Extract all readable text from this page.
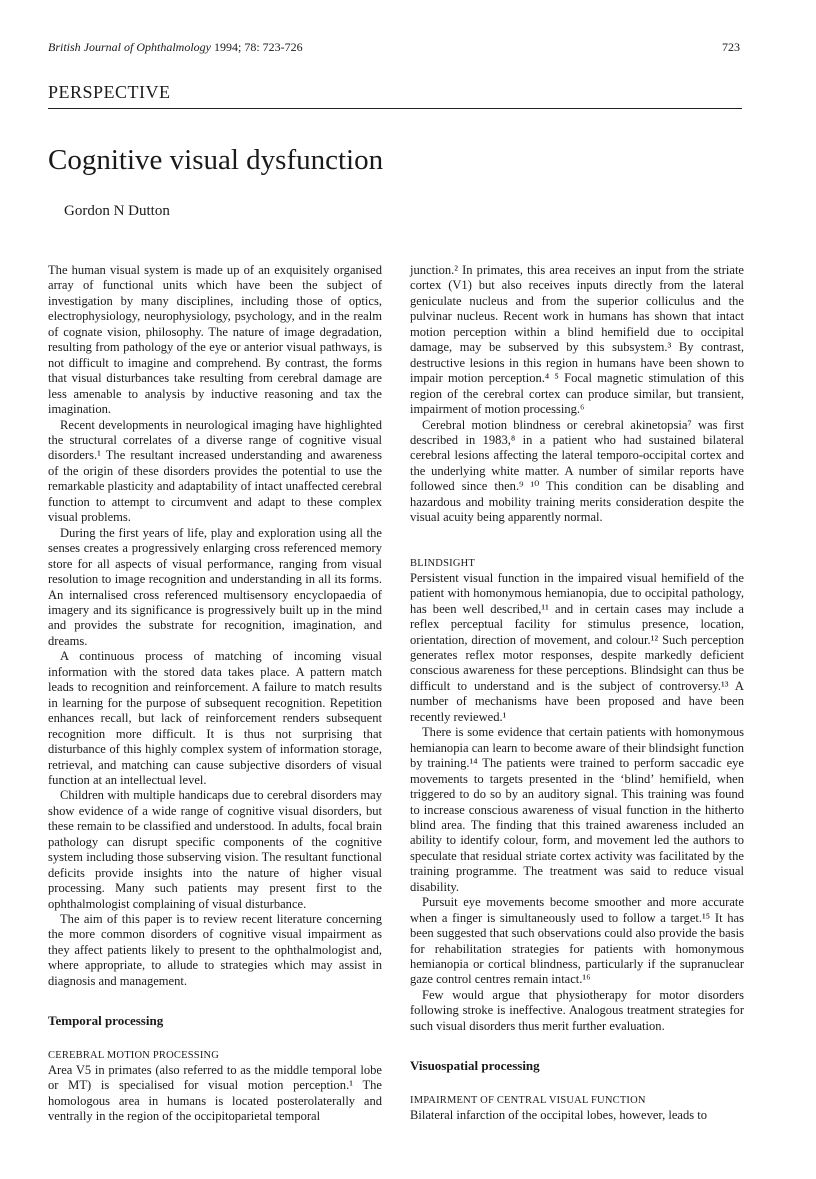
British Journal of Ophthalmology 1994; 78: 723-726	723
PERSPECTIVE
Cognitive visual dysfunction
Gordon N Dutton

The human visual system is made up of an exquisitely organised array of functional units which have been the subject of investigation by many disciplines, including those of optics, electrophysiology, neurophysiology, psychology, and in the realm of cognate vision, philosophy. The nature of image degradation, resulting from pathology of the eye or anterior visual pathways, is not difficult to imagine and comprehend. By contrast, the forms that visual disturbances take resulting from cerebral damage are less amenable to analysis by inductive reasoning and tax the imagination.

Recent developments in neurological imaging have highlighted the structural correlates of a diverse range of cognitive visual disorders.¹ The resultant increased understanding and awareness of the origin of these disorders provides the potential to use the remarkable plasticity and adaptability of intact unaffected cerebral function to attempt to circumvent and adapt to these complex visual problems.

During the first years of life, play and exploration using all the senses creates a progressively enlarging cross referenced memory store for all aspects of visual performance, ranging from visual resolution to image recognition and understanding in all its forms. An internalised cross referenced multisensory encyclopaedia of imagery and its significance is progressively built up in the mind and provides the substrate for recognition, imagination, and dreams.

A continuous process of matching of incoming visual information with the stored data takes place. A pattern match leads to recognition and reinforcement. A failure to match results in learning for the purpose of subsequent recognition. Repetition enhances recall, but lack of reinforcement renders subsequent recognition more difficult. It is thus not surprising that disturbance of this highly complex system of information storage, retrieval, and matching can cause subjective disorders of visual function at an intellectual level.

Children with multiple handicaps due to cerebral disorders may show evidence of a wide range of cognitive visual disorders, but these remain to be classified and understood. In adults, focal brain pathology can disrupt specific components of the cognitive system including those subserving vision. The resultant functional deficits provide insights into the nature of higher visual processing. Many such patients may present first to the ophthalmologist complaining of visual disturbance.

The aim of this paper is to review recent literature concerning the more common disorders of cognitive visual impairment as they affect patients likely to present to the ophthalmologist and, where appropriate, to allude to strategies which may assist in diagnosis and management.

Temporal processing
CEREBRAL MOTION PROCESSING

Area V5 in primates (also referred to as the middle temporal lobe or MT) is specialised for visual motion perception.¹ The homologous area in humans is located posterolaterally and ventrally in the region of the occipitoparietal temporal

junction.² In primates, this area receives an input from the striate cortex (V1) but also receives inputs directly from the lateral geniculate nucleus and from the superior colliculus and the pulvinar nucleus. Recent work in humans has shown that intact motion perception within a blind hemifield due to occipital damage, may be subserved by this subsystem.³ By contrast, destructive lesions in this region in humans have been shown to impair motion perception.⁴ ⁵ Focal magnetic stimulation of this region of the cerebral cortex can produce similar, but transient, impairment of motion processing.⁶

Cerebral motion blindness or cerebral akinetopsia⁷ was first described in 1983,⁸ in a patient who had sustained bilateral cerebral lesions affecting the lateral temporo-occipital cortex and the underlying white matter. A number of similar reports have followed since then.⁹ ¹⁰ This condition can be disabling and hazardous and mobility training merits consideration despite the visual acuity being apparently normal.

BLINDSIGHT

Persistent visual function in the impaired visual hemifield of the patient with homonymous hemianopia, due to occipital pathology, has been well described,¹¹ and in certain cases may include a reflex perceptual facility for stimulus presence, location, orientation, direction of movement, and colour.¹² Such perception generates reflex motor responses, despite markedly deficient conscious awareness for these perceptions. Blindsight can thus be difficult to understand and is the subject of controversy.¹³ A number of mechanisms have been proposed and have been recently reviewed.¹

There is some evidence that certain patients with homonymous hemianopia can learn to become aware of their blindsight function by training.¹⁴ The patients were trained to perform saccadic eye movements to targets presented in the ‘blind’ hemifield, when triggered to do so by an auditory signal. This training was found to increase conscious awareness of visual function in the hitherto blind area. The finding that this trained awareness included an ability to identify colour, form, and movement led the authors to speculate that residual striate cortex activity was facilitated by the training programme. The treatment was said to reduce visual disability.

Pursuit eye movements become smoother and more accurate when a finger is simultaneously used to follow a target.¹⁵ It has been suggested that such observations could also provide the basis for rehabilitation strategies for patients with homonymous hemianopia or cortical blindness, particularly if the supranuclear gaze control centres remain intact.¹⁶

Few would argue that physiotherapy for motor disorders following stroke is ineffective. Analogous treatment strategies for such visual disorders thus merit further evaluation.

Visuospatial processing
IMPAIRMENT OF CENTRAL VISUAL FUNCTION

Bilateral infarction of the occipital lobes, however, leads to
